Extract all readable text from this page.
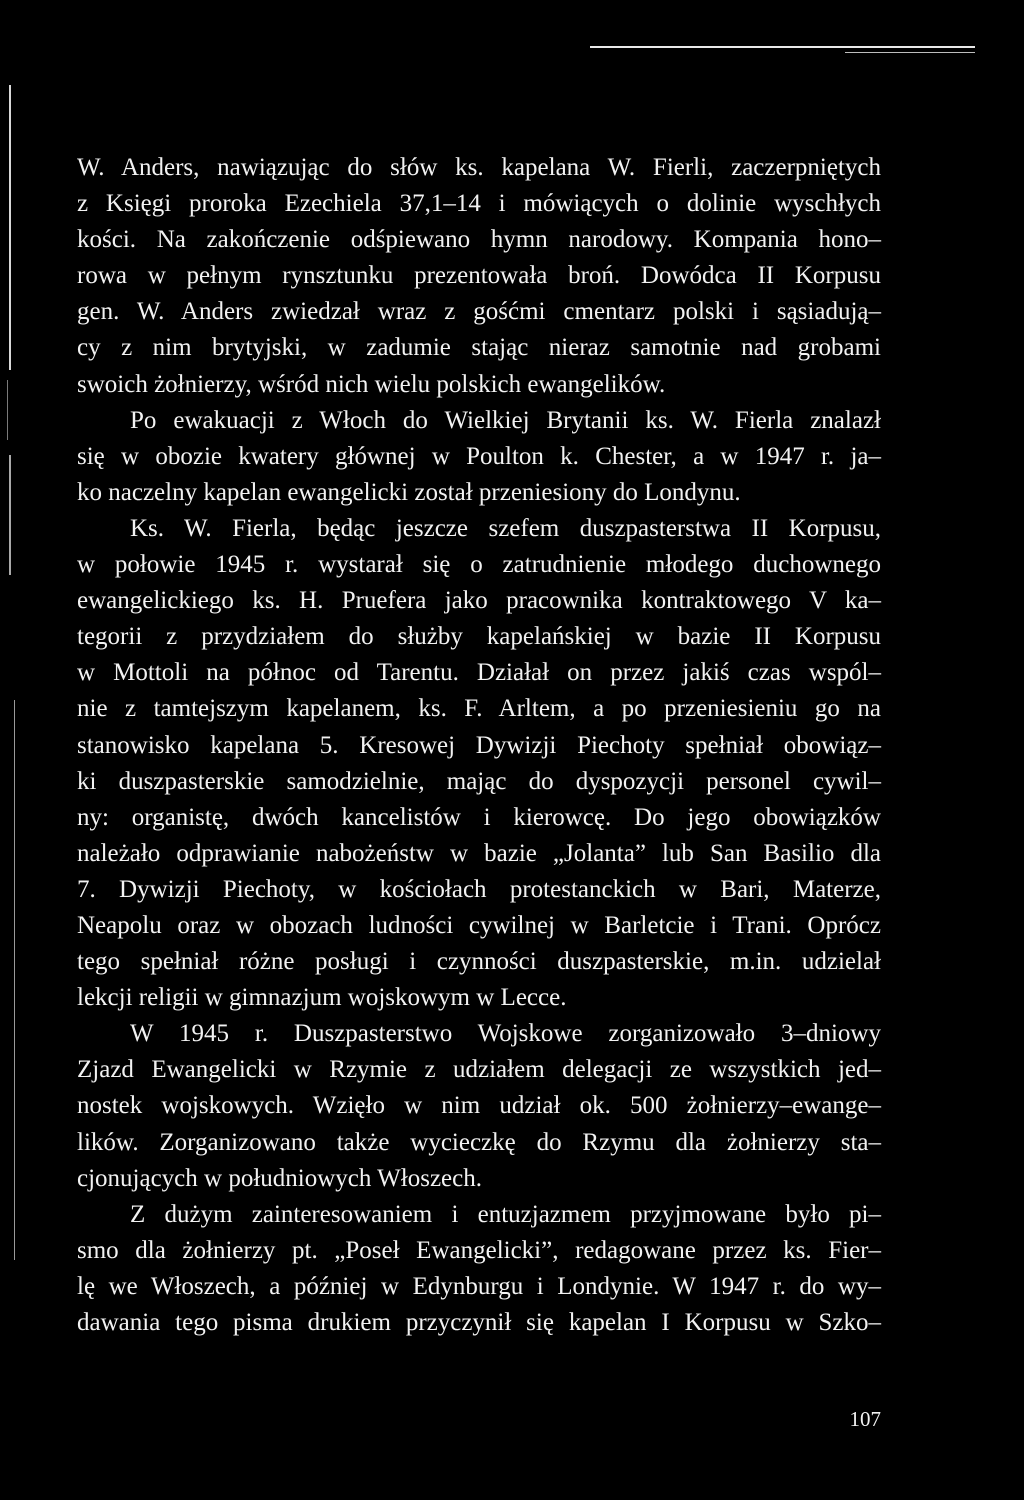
W. Anders, nawiązując do słów ks. kapelana W. Fierli, zaczerpniętych
z Księgi proroka Ezechiela 37,1–14 i mówiących o dolinie wyschłych
kości. Na zakończenie odśpiewano hymn narodowy. Kompania hono–
rowa w pełnym rynsztunku prezentowała broń. Dowódca II Korpusu
gen. W. Anders zwiedzał wraz z gośćmi cmentarz polski i sąsiadują–
cy z nim brytyjski, w zadumie stając nieraz samotnie nad grobami
swoich żołnierzy, wśród nich wielu polskich ewangelików.
Po ewakuacji z Włoch do Wielkiej Brytanii ks. W. Fierla znalazł
się w obozie kwatery głównej w Poulton k. Chester, a w 1947 r. ja–
ko naczelny kapelan ewangelicki został przeniesiony do Londynu.
Ks. W. Fierla, będąc jeszcze szefem duszpasterstwa II Korpusu,
w połowie 1945 r. wystarał się o zatrudnienie młodego duchownego
ewangelickiego ks. H. Pruefera jako pracownika kontraktowego V ka–
tegorii z przydziałem do służby kapelańskiej w bazie II Korpusu
w Mottoli na północ od Tarentu. Działał on przez jakiś czas wspól–
nie z tamtejszym kapelanem, ks. F. Arltem, a po przeniesieniu go na
stanowisko kapelana 5. Kresowej Dywizji Piechoty spełniał obowiąz–
ki duszpasterskie samodzielnie, mając do dyspozycji personel cywil–
ny: organistę, dwóch kancelistów i kierowcę. Do jego obowiązków
należało odprawianie nabożeństw w bazie „Jolanta” lub San Basilio dla
7. Dywizji Piechoty, w kościołach protestanckich w Bari, Materze,
Neapolu oraz w obozach ludności cywilnej w Barletcie i Trani. Oprócz
tego spełniał różne posługi i czynności duszpasterskie, m.in. udzielał
lekcji religii w gimnazjum wojskowym w Lecce.
W 1945 r. Duszpasterstwo Wojskowe zorganizowało 3–dniowy
Zjazd Ewangelicki w Rzymie z udziałem delegacji ze wszystkich jed–
nostek wojskowych. Wzięło w nim udział ok. 500 żołnierzy–ewange–
lików. Zorganizowano także wycieczkę do Rzymu dla żołnierzy sta–
cjonujących w południowych Włoszech.
Z dużym zainteresowaniem i entuzjazmem przyjmowane było pi–
smo dla żołnierzy pt. „Poseł Ewangelicki”, redagowane przez ks. Fier–
lę we Włoszech, a później w Edynburgu i Londynie. W 1947 r. do wy–
dawania tego pisma drukiem przyczynił się kapelan I Korpusu w Szko–
107
